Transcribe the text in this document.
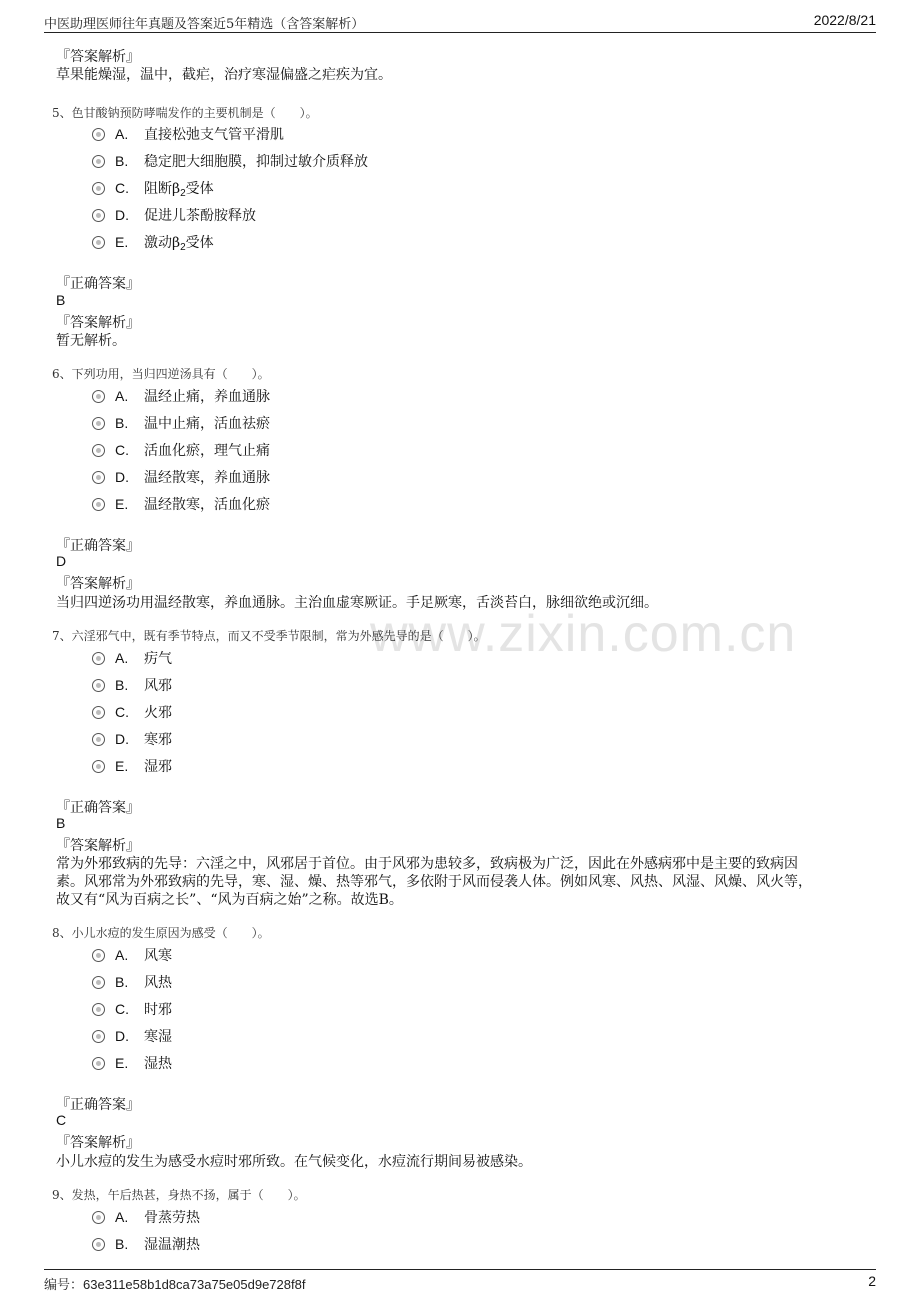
中医助理医师往年真题及答案近5年精选（含答案解析）	2022/8/21
www.zixin.com.cn
『答案解析』
草果能燥湿，温中，截疟，治疗寒湿偏盛之疟疾为宜。
5、色甘酸钠预防哮喘发作的主要机制是（　　）。
A. 直接松弛支气管平滑肌
B. 稳定肥大细胞膜，抑制过敏介质释放
C. 阻断$\beta_2$受体
D. 促进儿茶酚胺释放
E. 激动$\beta_2$受体
『正确答案』
B
『答案解析』
暂无解析。
6、下列功用，当归四逆汤具有（　　）。
A. 温经止痛，养血通脉
B. 温中止痛，活血祛瘀
C. 活血化瘀，理气止痛
D. 温经散寒，养血通脉
E. 温经散寒，活血化瘀
『正确答案』
D
『答案解析』
当归四逆汤功用温经散寒，养血通脉。主治血虚寒厥证。手足厥寒，舌淡苔白，脉细欲绝或沉细。
7、六淫邪气中，既有季节特点，而又不受季节限制，常为外感先导的是（　　）。
A. 疠气
B. 风邪
C. 火邪
D. 寒邪
E. 湿邪
『正确答案』
B
『答案解析』
常为外邪致病的先导：六淫之中，风邪居于首位。由于风邪为患较多，致病极为广泛，因此在外感病邪中是主要的致病因
素。风邪常为外邪致病的先导，寒、湿、燥、热等邪气，多依附于风而侵袭人体。例如风寒、风热、风湿、风燥、风火等，
故又有“风为百病之长”、“风为百病之始”之称。故选B。
8、小儿水痘的发生原因为感受（　　）。
A. 风寒
B. 风热
C. 时邪
D. 寒湿
E. 湿热
『正确答案』
C
『答案解析』
小儿水痘的发生为感受水痘时邪所致。在气候变化，水痘流行期间易被感染。
9、发热，午后热甚，身热不扬，属于（　　）。
A. 骨蒸劳热
B. 湿温潮热
编号：63e311e58b1d8ca73a75e05d9e728f8f	2
